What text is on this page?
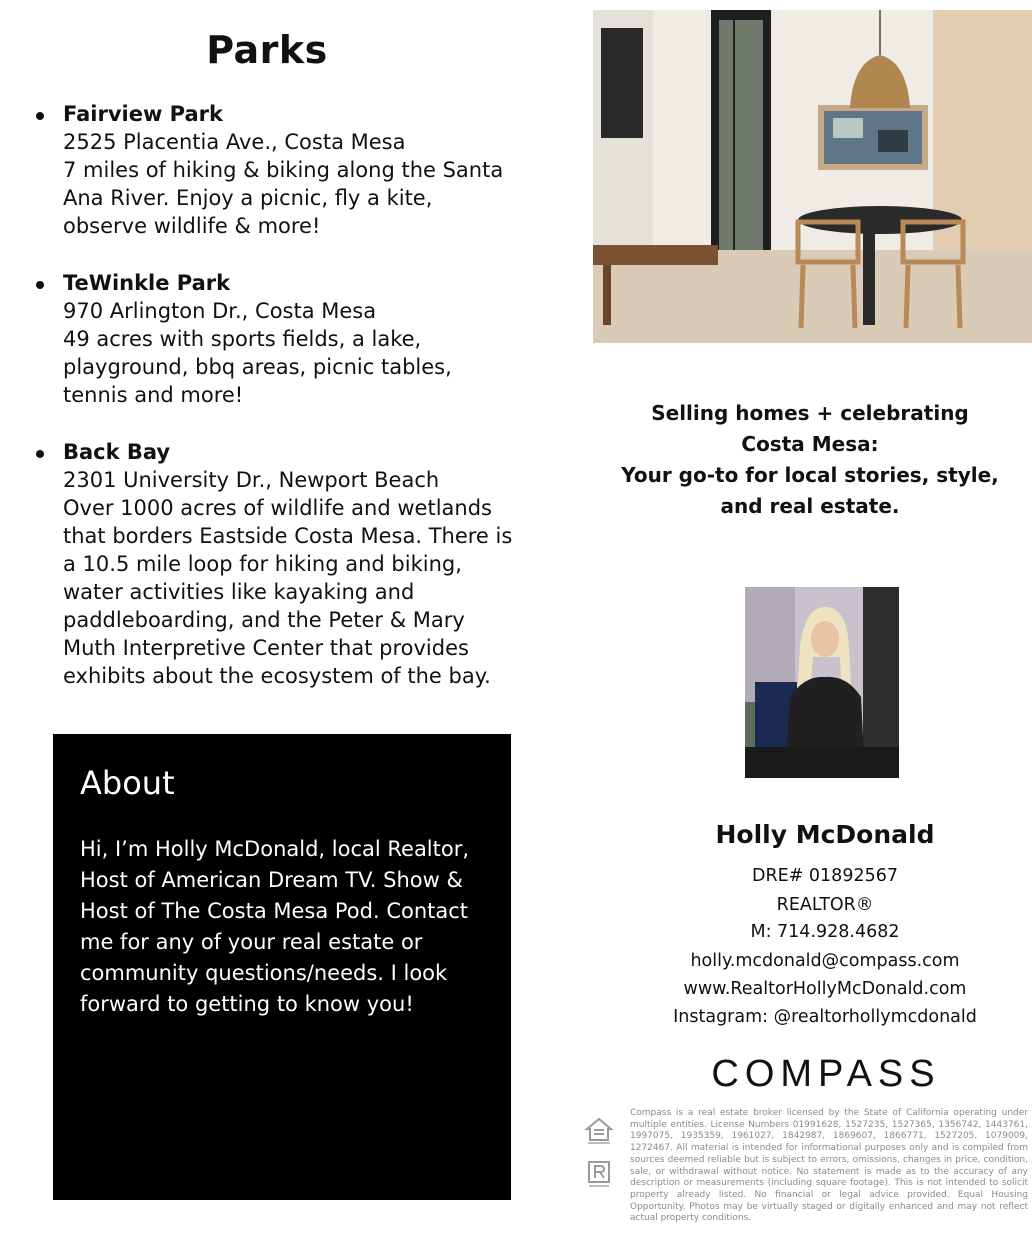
Parks
Fairview Park
2525 Placentia Ave., Costa Mesa
7 miles of hiking & biking along the Santa Ana River. Enjoy a picnic, fly a kite, observe wildlife & more!
TeWinkle Park
970 Arlington Dr., Costa Mesa
49 acres with sports fields, a lake, playground, bbq areas, picnic tables, tennis and more!
Back Bay
2301 University Dr., Newport Beach
Over 1000 acres of wildlife and wetlands that borders Eastside Costa Mesa. There is a 10.5 mile loop for hiking and biking, water activities like kayaking and paddleboarding, and the Peter & Mary Muth Interpretive Center that provides exhibits about the ecosystem of the bay.
About
Hi, I’m Holly McDonald, local Realtor, Host of American Dream TV. Show & Host of The Costa Mesa Pod. Contact me for any of your real estate or community questions/needs. I look forward to getting to know you!
Selling homes + celebrating
Costa Mesa:
Your go-to for local stories, style,
and real estate.
Holly McDonald
DRE# 01892567
REALTOR®
M: 714.928.4682
holly.mcdonald@compass.com
www.RealtorHollyMcDonald.com
Instagram: @realtorhollymcdonald
COMPASS
Compass is a real estate broker licensed by the State of California operating under multiple entities. License Numbers 01991628, 1527235, 1527365, 1356742, 1443761, 1997075, 1935359, 1961027, 1842987, 1869607, 1866771, 1527205, 1079009, 1272467. All material is intended for informational purposes only and is compiled from sources deemed reliable but is subject to errors, omissions, changes in price, condition, sale, or withdrawal without notice. No statement is made as to the accuracy of any description or measurements (including square footage). This is not intended to solicit property already listed. No financial or legal advice provided. Equal Housing Opportunity. Photos may be virtually staged or digitally enhanced and may not reflect actual property conditions.
